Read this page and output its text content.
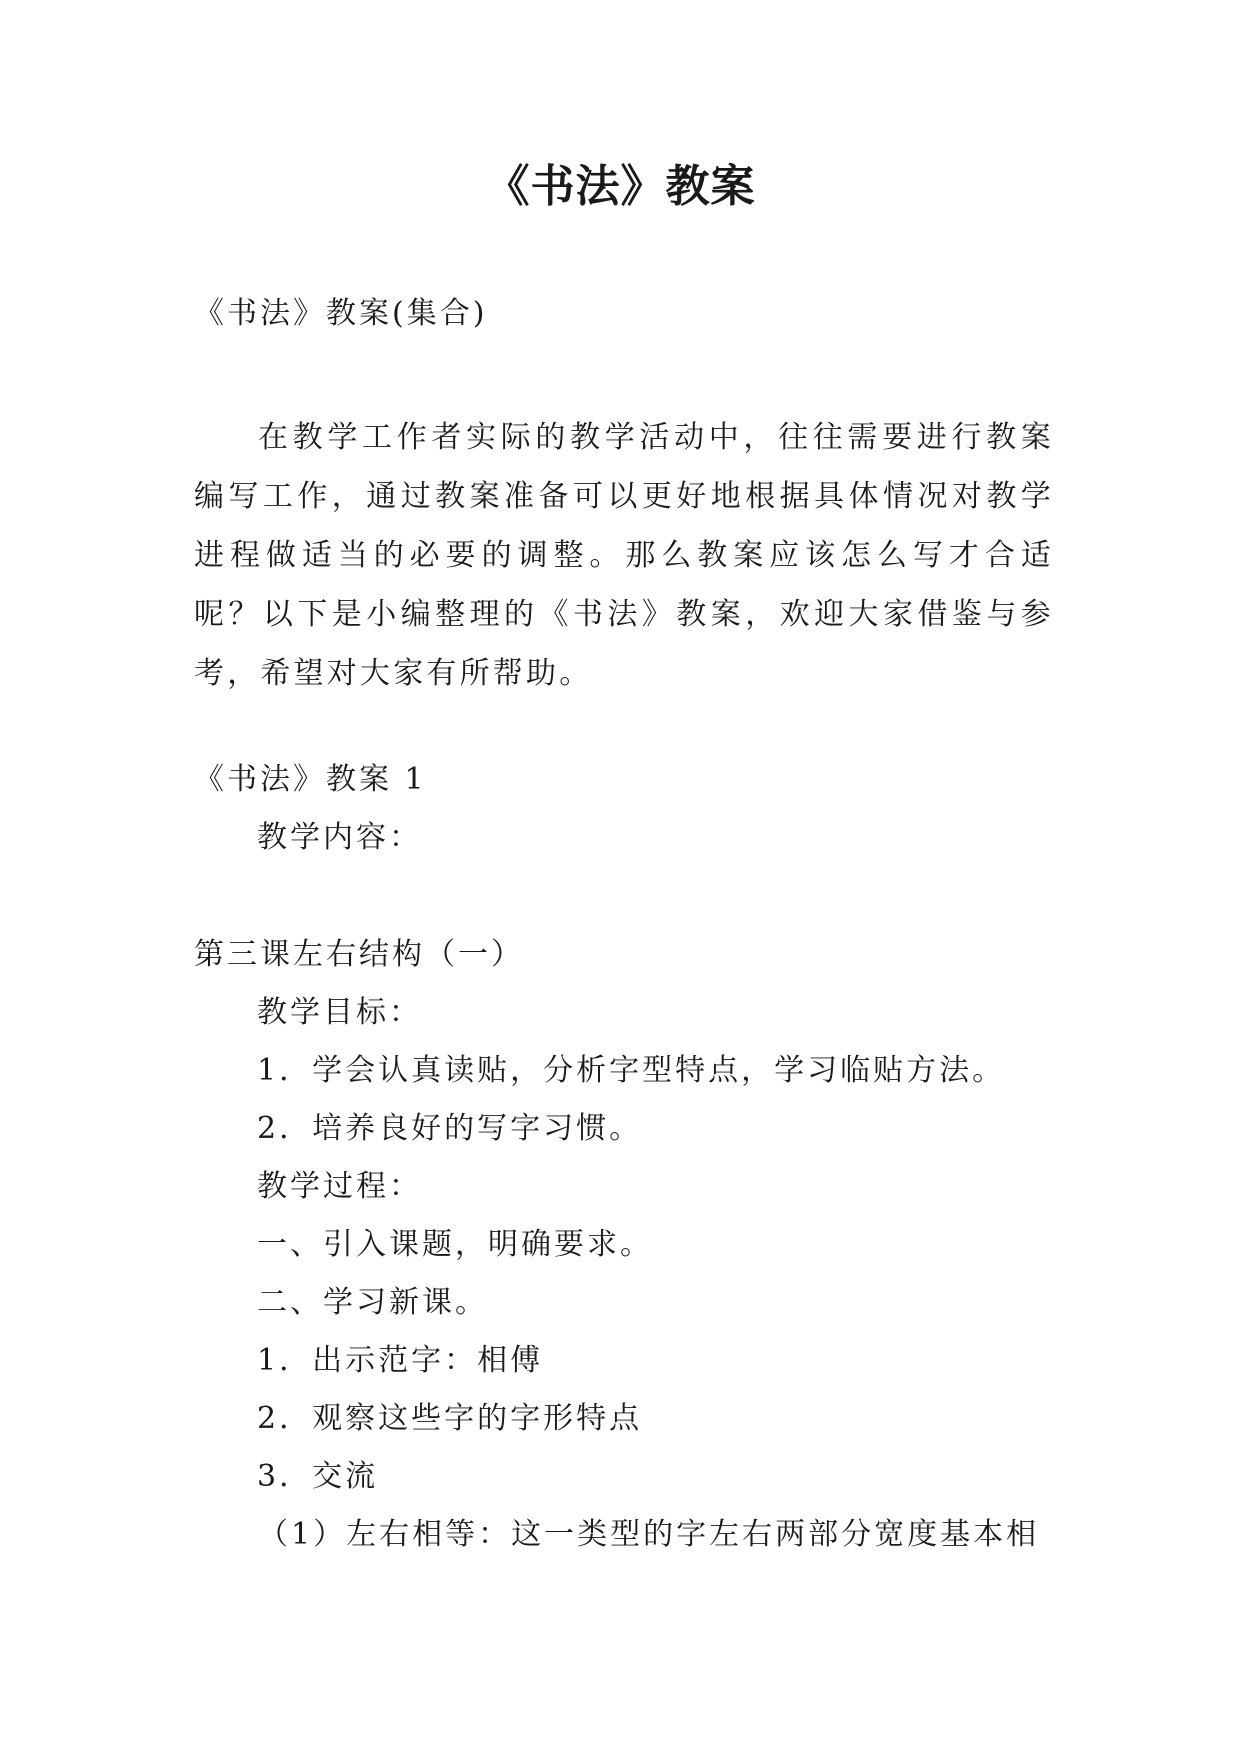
《书法》教案
《书法》教案(集合)
在教学工作者实际的教学活动中，往往需要进行教案编写工作，通过教案准备可以更好地根据具体情况对教学进程做适当的必要的调整。那么教案应该怎么写才合适呢？以下是小编整理的《书法》教案，欢迎大家借鉴与参考，希望对大家有所帮助。
《书法》教案 1
教学内容：
第三课左右结构（一）
教学目标：
1．学会认真读贴，分析字型特点，学习临贴方法。
2．培养良好的写字习惯。
教学过程：
一、引入课题，明确要求。
二、学习新课。
1．出示范字：相傅
2．观察这些字的字形特点
3．交流
（1）左右相等：这一类型的字左右两部分宽度基本相
